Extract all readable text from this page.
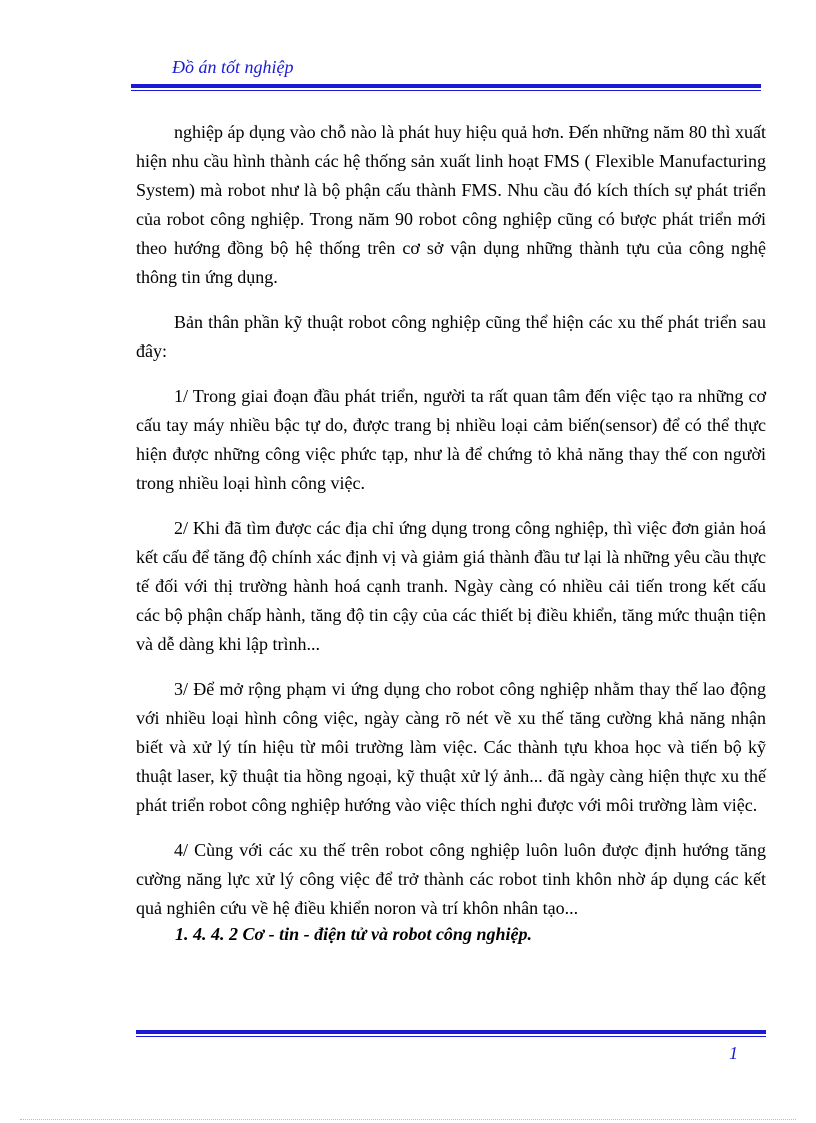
Đồ án tốt nghiệp

nghiệp áp dụng vào chỗ nào là phát huy hiệu quả hơn. Đến những năm 80 thì xuất hiện nhu cầu hình thành các hệ thống sản xuất linh hoạt FMS ( Flexible Manufacturing System) mà robot như là bộ phận cấu thành FMS. Nhu cầu đó kích thích sự phát triển của robot công nghiệp. Trong năm 90 robot công nghiệp cũng có bược phát triển mới theo hướng đồng bộ hệ thống trên cơ sở vận dụng những thành tựu của công nghệ thông tin ứng dụng.

Bản thân phần kỹ thuật robot công nghiệp cũng thể hiện các xu thế phát triển sau đây:

1/ Trong giai đoạn đầu phát triển, người ta rất quan tâm đến việc tạo ra những cơ cấu tay máy nhiều bậc tự do, được trang bị nhiều loại cảm biến(sensor) để có thể thực hiện được những công việc phức tạp, như là để chứng tỏ khả năng thay thế con người trong nhiều loại hình công việc.

2/ Khi đã tìm được các địa chỉ ứng dụng trong công nghiệp, thì việc đơn giản hoá kết cấu để tăng độ chính xác định vị và giảm giá thành đầu tư lại là những yêu cầu thực tế đối với thị trường hành hoá cạnh tranh. Ngày càng có nhiều cải tiến trong kết cấu các bộ phận chấp hành, tăng độ tin cậy của các thiết bị điều khiển, tăng mức thuận tiện và dễ dàng khi lập trình...

3/ Để mở rộng phạm vi ứng dụng cho robot công nghiệp nhằm thay thế lao động với nhiều loại hình công việc, ngày càng rõ nét về xu thế tăng cường khả năng nhận biết và xử lý tín hiệu từ môi trường làm việc. Các thành tựu khoa học và tiến bộ kỹ thuật laser, kỹ thuật tia hồng ngoại, kỹ thuật xử lý ảnh... đã ngày càng hiện thực xu thế phát triển robot công nghiệp hướng vào việc thích nghi được với môi trường làm việc.

4/ Cùng với các xu thế trên robot công nghiệp luôn luôn được định hướng tăng cường năng lực xử lý công việc để trở thành các robot tinh khôn nhờ áp dụng các kết quả nghiên cứu về hệ điều khiển noron và trí khôn nhân tạo...

1. 4. 4. 2 Cơ - tin - điện tử và robot công nghiệp.
1
